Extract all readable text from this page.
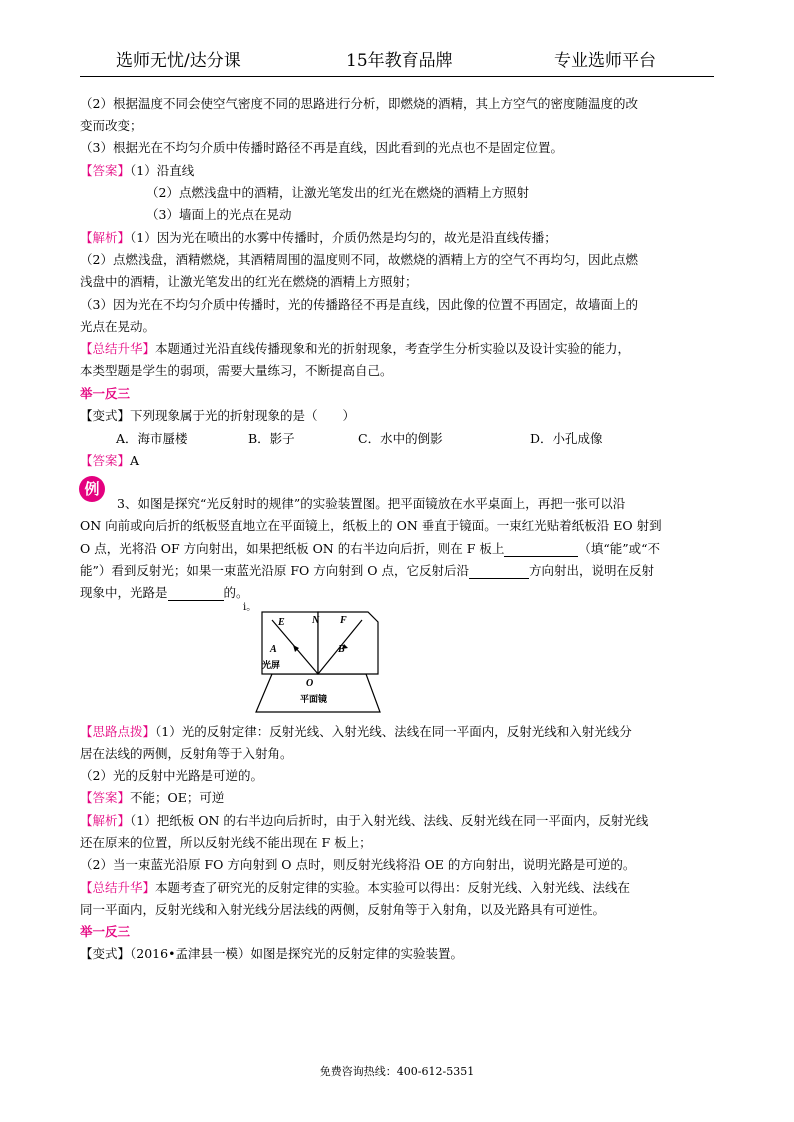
选师无忧/达分课	15年教育品牌	专业选师平台
（2）根据温度不同会使空气密度不同的思路进行分析，即燃烧的酒精，其上方空气的密度随温度的改
变而改变；
（3）根据光在不均匀介质中传播时路径不再是直线，因此看到的光点也不是固定位置。
【答案】（1）沿直线
（2）点燃浅盘中的酒精，让激光笔发出的红光在燃烧的酒精上方照射
（3）墙面上的光点在晃动
【解析】（1）因为光在喷出的水雾中传播时，介质仍然是均匀的，故光是沿直线传播；
（2）点燃浅盘，酒精燃烧，其酒精周围的温度则不同，故燃烧的酒精上方的空气不再均匀，因此点燃
浅盘中的酒精，让激光笔发出的红光在燃烧的酒精上方照射；
（3）因为光在不均匀介质中传播时，光的传播路径不再是直线，因此像的位置不再固定，故墙面上的
光点在晃动。
【总结升华】本题通过光沿直线传播现象和光的折射现象，考查学生分析实验以及设计实验的能力，
本类型题是学生的弱项，需要大量练习，不断提高自己。
举一反三
【变式】下列现象属于光的折射现象的是（　　）
A．海市蜃楼	B．影子	C．水中的倒影	D．小孔成像
【答案】A
例
3、如图是探究“光反射时的规律”的实验装置图。把平面镜放在水平桌面上，再把一张可以沿
ON 向前或向后折的纸板竖直地立在平面镜上，纸板上的 ON 垂直于镜面。一束红光贴着纸板沿 EO 射到
O 点，光将沿 OF 方向射出，如果把纸板 ON 的右半边向后折，则在 F 板上	（填“能”或“不
能”）看到反射光；如果一束蓝光沿原 FO 方向射到 O 点，它反射后沿	方向射出，说明在反射
现象中，光路是	的。
i。
E	N F
A	B
O
光屏
平面镜
【思路点拨】（1）光的反射定律：反射光线、入射光线、法线在同一平面内，反射光线和入射光线分
居在法线的两侧，反射角等于入射角。
（2）光的反射中光路是可逆的。
【答案】不能；OE；可逆
【解析】（1）把纸板 ON 的右半边向后折时，由于入射光线、法线、反射光线在同一平面内，反射光线
还在原来的位置，所以反射光线不能出现在 F 板上；
（2）当一束蓝光沿原 FO 方向射到 O 点时，则反射光线将沿 OE 的方向射出，说明光路是可逆的。
【总结升华】本题考查了研究光的反射定律的实验。本实验可以得出：反射光线、入射光线、法线在
同一平面内，反射光线和入射光线分居法线的两侧，反射角等于入射角，以及光路具有可逆性。
举一反三
【变式】（2016•孟津县一模）如图是探究光的反射定律的实验装置。
免费咨询热线：400-612-5351
